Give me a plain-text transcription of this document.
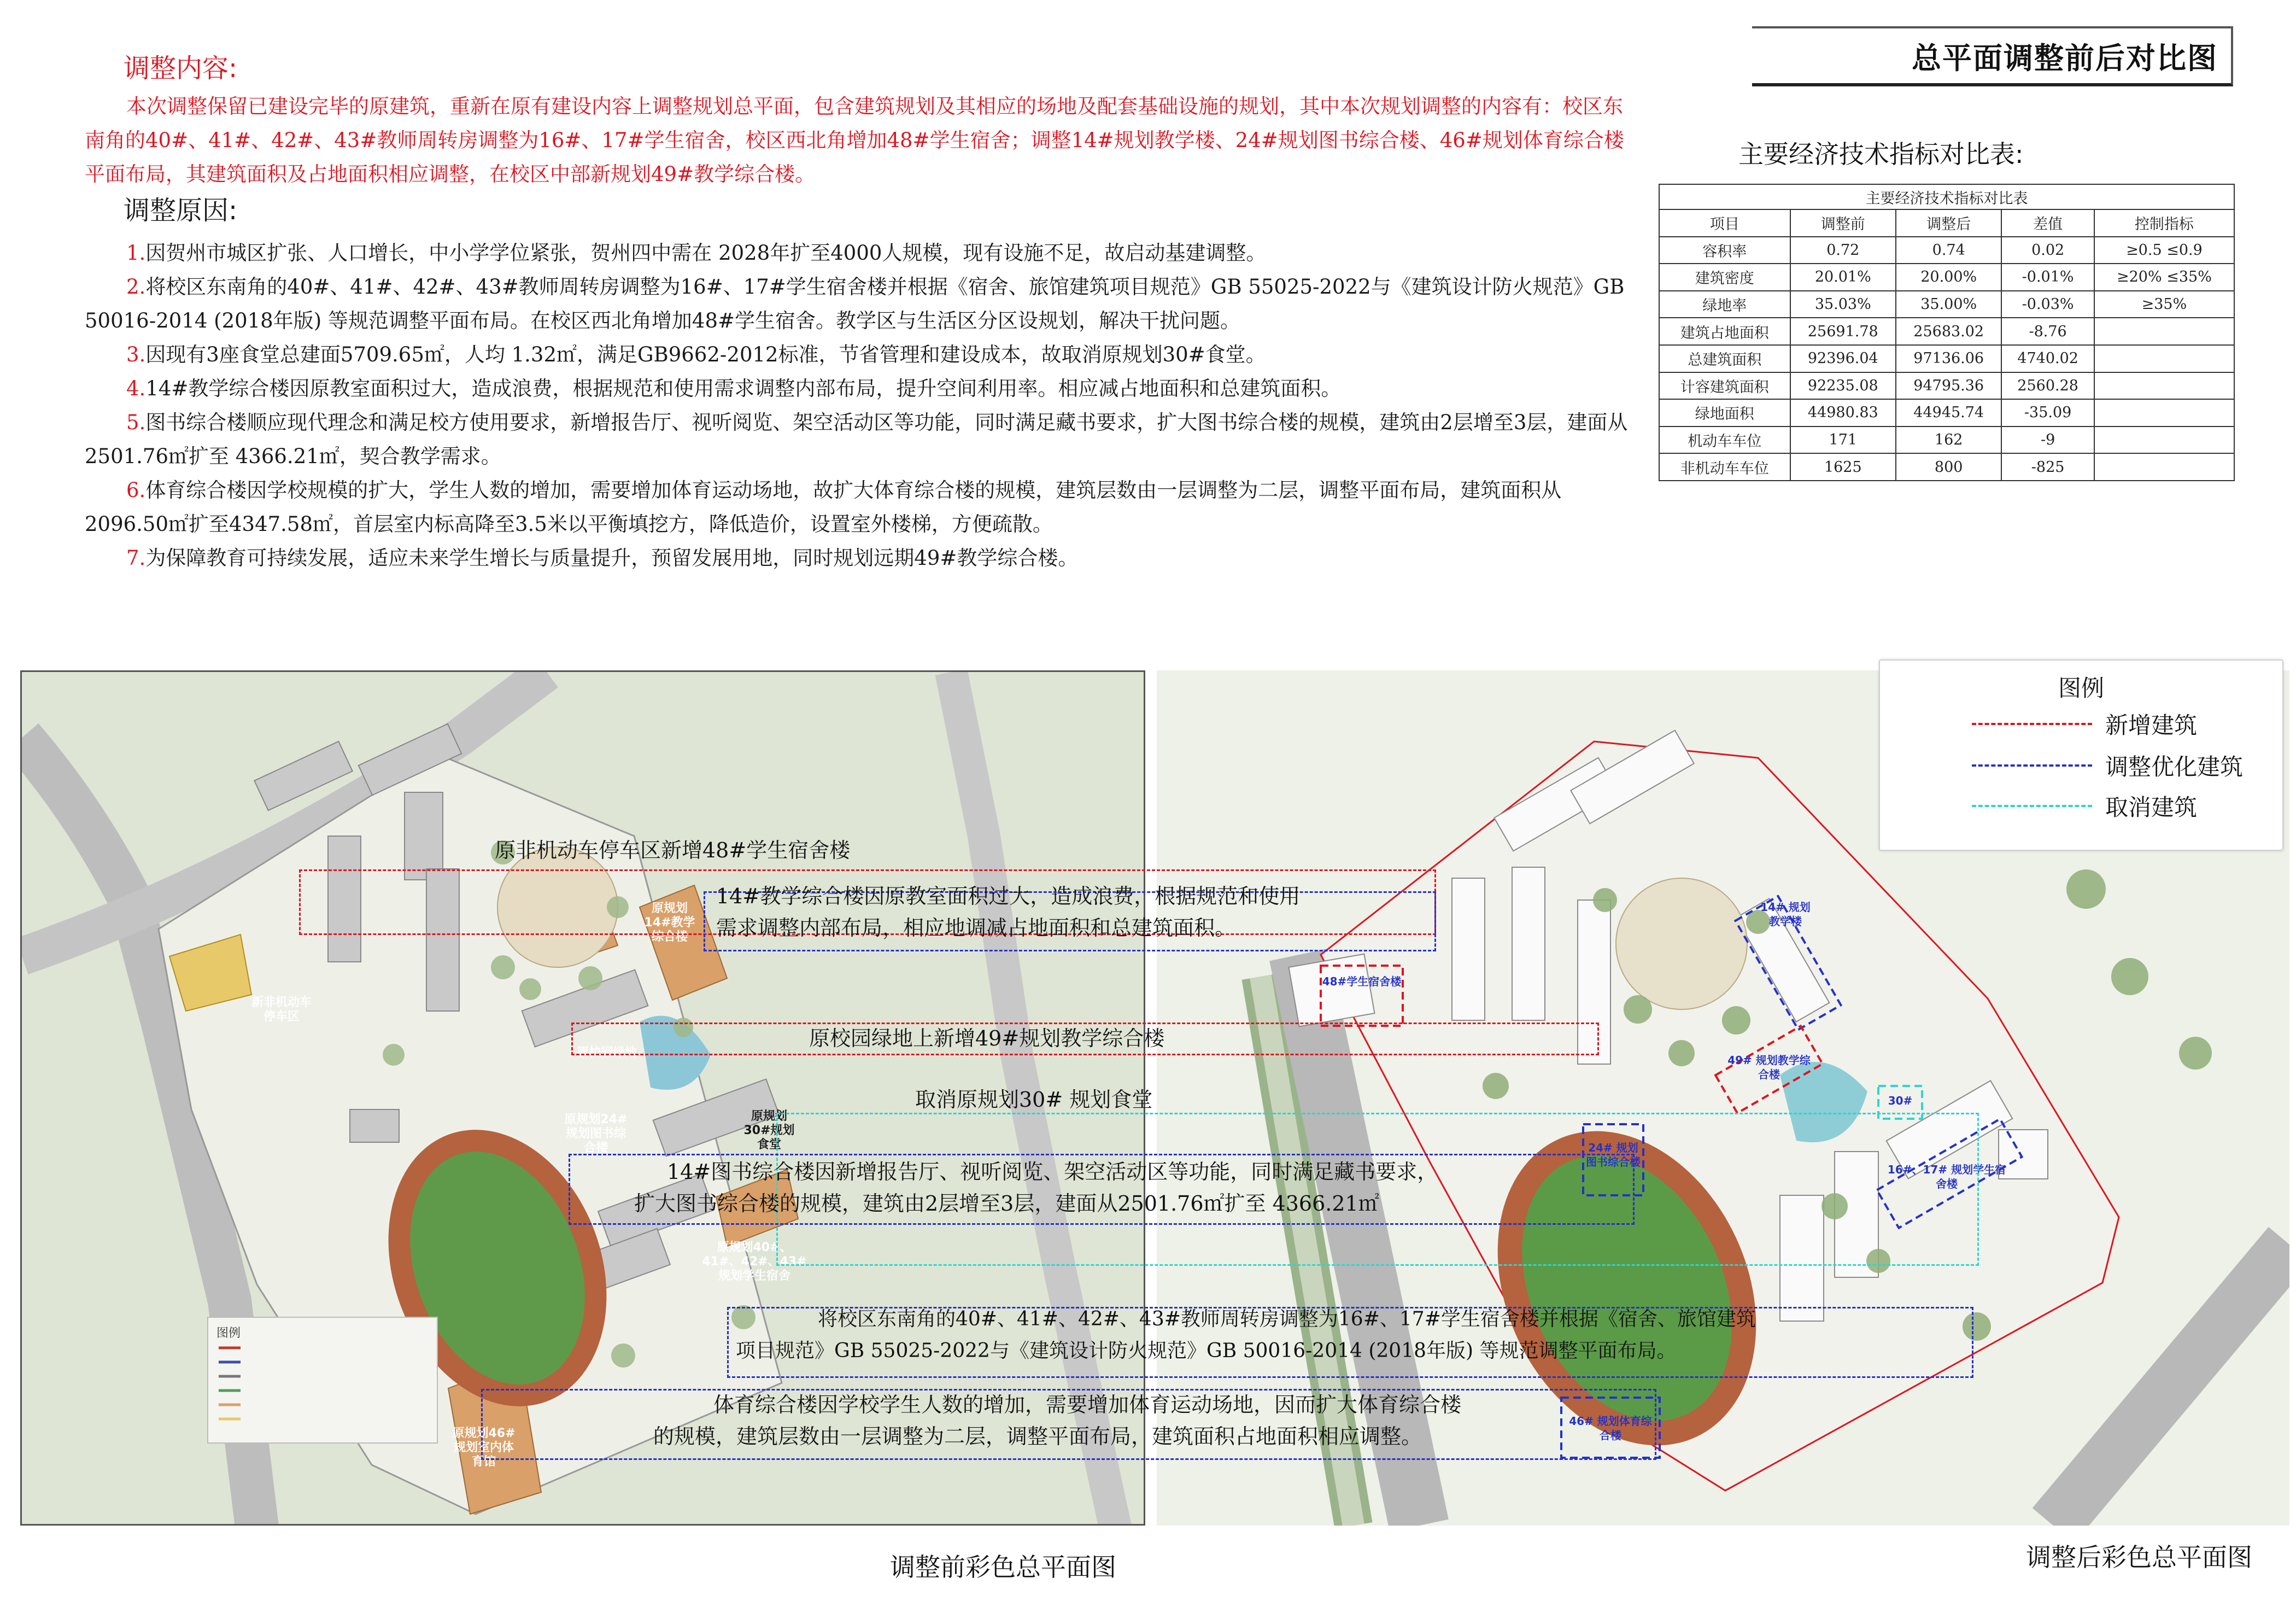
总平面调整前后对比图
调整内容:

本次调整保留已建设完毕的原建筑，重新在原有建设内容上调整规划总平面，包含建筑规划及其相应的场地及配套基础设施的规划，其中本次规划调整的内容有：校区东南角的40#、41#、42#、43#教师周转房调整为16#、17#学生宿舍，校区西北角增加48#学生宿舍；调整14#规划教学楼、24#规划图书综合楼、46#规划体育综合楼平面布局，其建筑面积及占地面积相应调整，在校区中部新规划49#教学综合楼。

调整原因:

1.因贺州市城区扩张、人口增长，中小学学位紧张，贺州四中需在 2028年扩至4000人规模，现有设施不足，故启动基建调整。

2.将校区东南角的40#、41#、42#、43#教师周转房调整为16#、17#学生宿舍楼并根据《宿舍、旅馆建筑项目规范》GB 55025-2022与《建筑设计防火规范》GB 50016-2014 (2018年版) 等规范调整平面布局。在校区西北角增加48#学生宿舍。教学区与生活区分区设规划，解决干扰问题。

3.因现有3座食堂总建面5709.65㎡，人均 1.32㎡，满足GB9662-2012标准，节省管理和建设成本，故取消原规划30#食堂。

4.14#教学综合楼因原教室面积过大，造成浪费，根据规范和使用需求调整内部布局，提升空间利用率。相应减占地面积和总建筑面积。

5.图书综合楼顺应现代理念和满足校方使用要求，新增报告厅、视听阅览、架空活动区等功能，同时满足藏书要求，扩大图书综合楼的规模，建筑由2层增至3层，建面从2501.76㎡扩至 4366.21㎡，契合教学需求。

6.体育综合楼因学校规模的扩大，学生人数的增加，需要增加体育运动场地，故扩大体育综合楼的规模，建筑层数由一层调整为二层，调整平面布局，建筑面积从2096.50㎡扩至4347.58㎡，首层室内标高降至3.5米以平衡填挖方，降低造价，设置室外楼梯，方便疏散。

7.为保障教育可持续发展，适应未来学生增长与质量提升，预留发展用地，同时规划远期49#教学综合楼。

主要经济技术指标对比表:
主要经济技术指标对比表				
项目	调整前	调整后	差值	控制指标
容积率	0.72	0.74	0.02	≥0.5 ≤0.9
建筑密度	20.01%	20.00%	-0.01%	≥20% ≤35%
绿地率	35.03%	35.00%	-0.03%	≥35%
建筑占地面积	25691.78	25683.02	-8.76	
总建筑面积	92396.04	97136.06	4740.02	
计容建筑面积	92235.08	94795.36	2560.28	
绿地面积	44980.83	44945.74	-35.09	
机动车车位	171	162	-9	
非机动车车位	1625	800	-825	
图例
新非机动车停车区
原规划14#教学综合楼
原规划24#规划图书综合楼
原规划30#规划食堂
原校园绿地
原规划40#、41#、42#、43#规划学生宿舍
原规划46#规划室内体育馆
48#学生宿舍楼
14# 规划教学楼
49# 规划教学综合楼
24# 规划图书综合楼
16#、17# 规划学生宿舍楼
46# 规划体育综合楼
30#
原非机动车停车区新增48#学生宿舍楼
14#教学综合楼因原教室面积过大，造成浪费，根据规范和使用
需求调整内部布局，相应地调减占地面积和总建筑面积。
原校园绿地上新增49#规划教学综合楼
取消原规划30# 规划食堂
14#图书综合楼因新增报告厅、视听阅览、架空活动区等功能，同时满足藏书要求，
扩大图书综合楼的规模，建筑由2层增至3层，建面从2501.76㎡扩至 4366.21㎡
将校区东南角的40#、41#、42#、43#教师周转房调整为16#、17#学生宿舍楼并根据《宿舍、旅馆建筑
项目规范》GB 55025-2022与《建筑设计防火规范》GB 50016-2014 (2018年版) 等规范调整平面布局。
体育综合楼因学校学生人数的增加，需要增加体育运动场地，因而扩大体育综合楼
的规模，建筑层数由一层调整为二层，调整平面布局，建筑面积占地面积相应调整。
图例
新增建筑
调整优化建筑
取消建筑
调整前彩色总平面图	调整后彩色总平面图
